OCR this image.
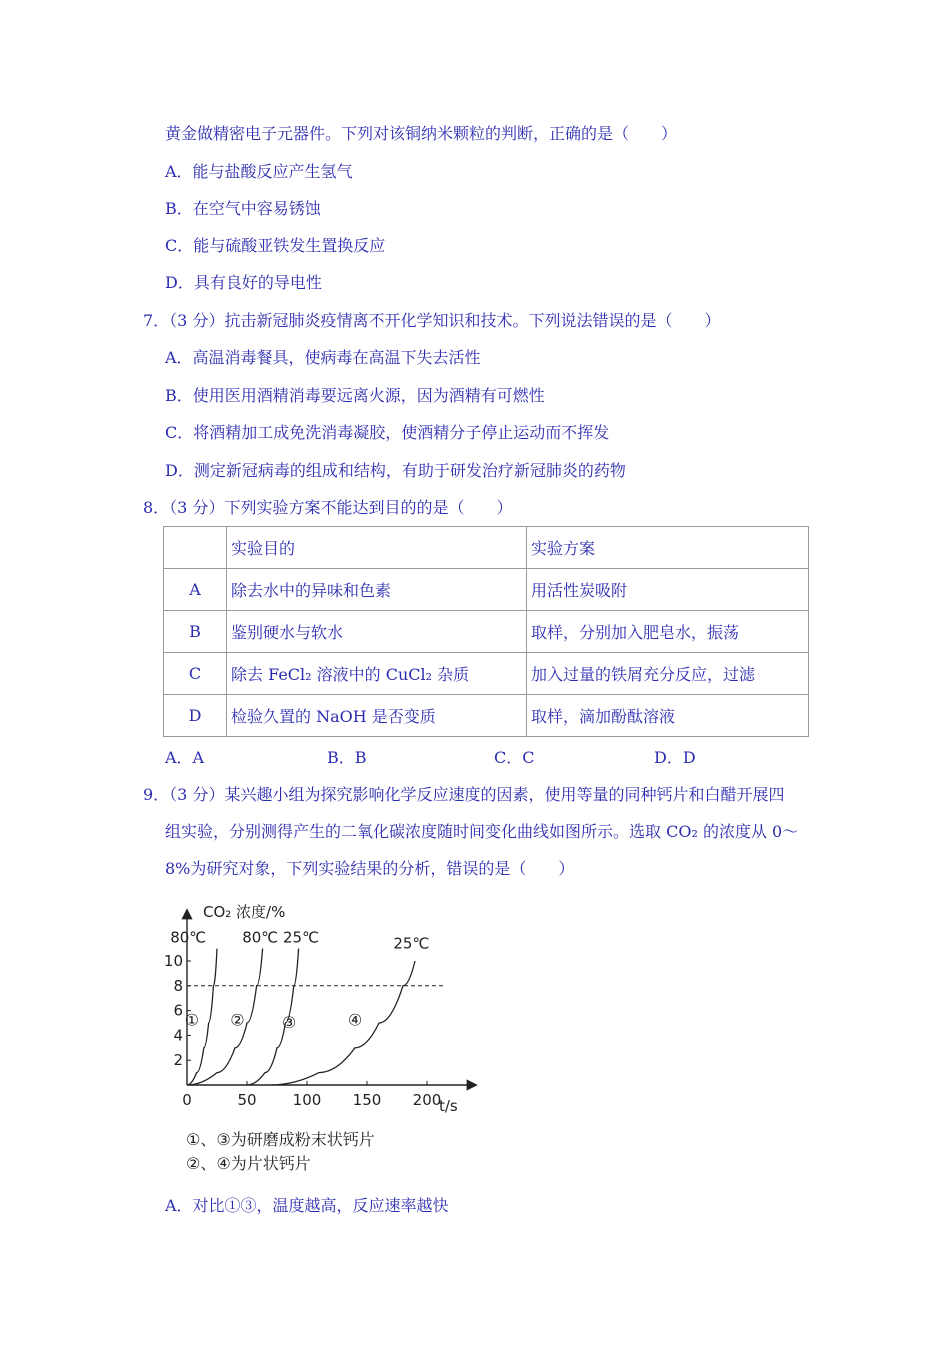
黄金做精密电子元器件。下列对该铜纳米颗粒的判断，正确的是（　　）
A．能与盐酸反应产生氢气
B．在空气中容易锈蚀
C．能与硫酸亚铁发生置换反应
D．具有良好的导电性
7．（3 分）抗击新冠肺炎疫情离不开化学知识和技术。下列说法错误的是（　　）
A．高温消毒餐具，使病毒在高温下失去活性
B．使用医用酒精消毒要远离火源，因为酒精有可燃性
C．将酒精加工成免洗消毒凝胶，使酒精分子停止运动而不挥发
D．测定新冠病毒的组成和结构，有助于研发治疗新冠肺炎的药物
8．（3 分）下列实验方案不能达到目的的是（　　）
	实验目的	实验方案
A	除去水中的异味和色素	用活性炭吸附
B	鉴别硬水与软水	取样，分别加入肥皂水，振荡
C	除去 FeCl₂ 溶液中的 CuCl₂ 杂质	加入过量的铁屑充分反应，过滤
D	检验久置的 NaOH 是否变质	取样，滴加酚酞溶液
A．A	B．B	C．C	D．D
9．（3 分）某兴趣小组为探究影响化学反应速度的因素，使用等量的同种钙片和白醋开展四
组实验，分别测得产生的二氧化碳浓度随时间变化曲线如图所示。选取 CO₂ 的浓度从 0～
8%为研究对象，下列实验结果的分析，错误的是（　　）
CO₂ 浓度/%
t/s
0	50 100 150 200
2
4
6
8
10
80℃
①
80℃
②
25℃
③
25℃
④
①、③为研磨成粉末状钙片
②、④为片状钙片
A．对比①③，温度越高，反应速率越快
